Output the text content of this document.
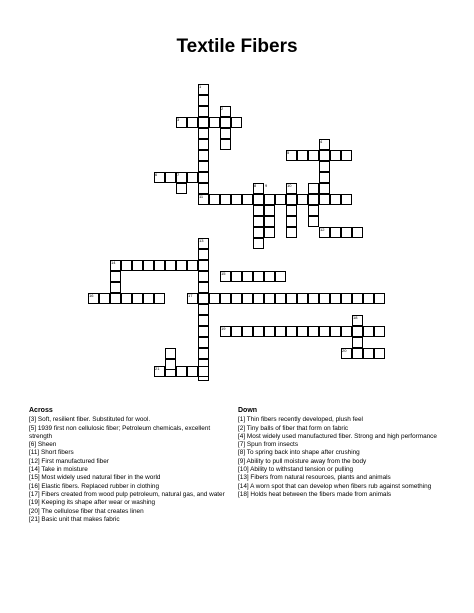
Textile Fibers
1
2
3
4
5
6	7
8 9	10
11
12
13
14
15
16	17
18
19
20
21
Across
[3] Soft, resilient fiber. Substituted for wool.
[5] 1939 first non cellulosic fiber; Petroleum chemicals, excellent strength
[6] Sheen
[11] Short fibers
[12] First manufactured fiber
[14] Take in moisture
[15] Most widely used natural fiber in the world
[16] Elastic fibers. Replaced rubber in clothing
[17] Fibers created from wood pulp petroleum, natural gas, and water
[19] Keeping its shape after wear or washing
[20] The cellulose fiber that creates linen
[21] Basic unit that makes fabric
Down
[1] Thin fibers recently developed, plush feel
[2] Tiny balls of fiber that form on fabric
[4] Most widely used manufactured fiber. Strong and high performance
[7] Spun from insects
[8] To spring back into shape after crushing
[9] Ability to pull moisture away from the body
[10] Ability to withstand tension or pulling
[13] Fibers from natural resources, plants and animals
[14] A worn spot that can develop when fibers rub against something
[18] Holds heat between the fibers made from animals
